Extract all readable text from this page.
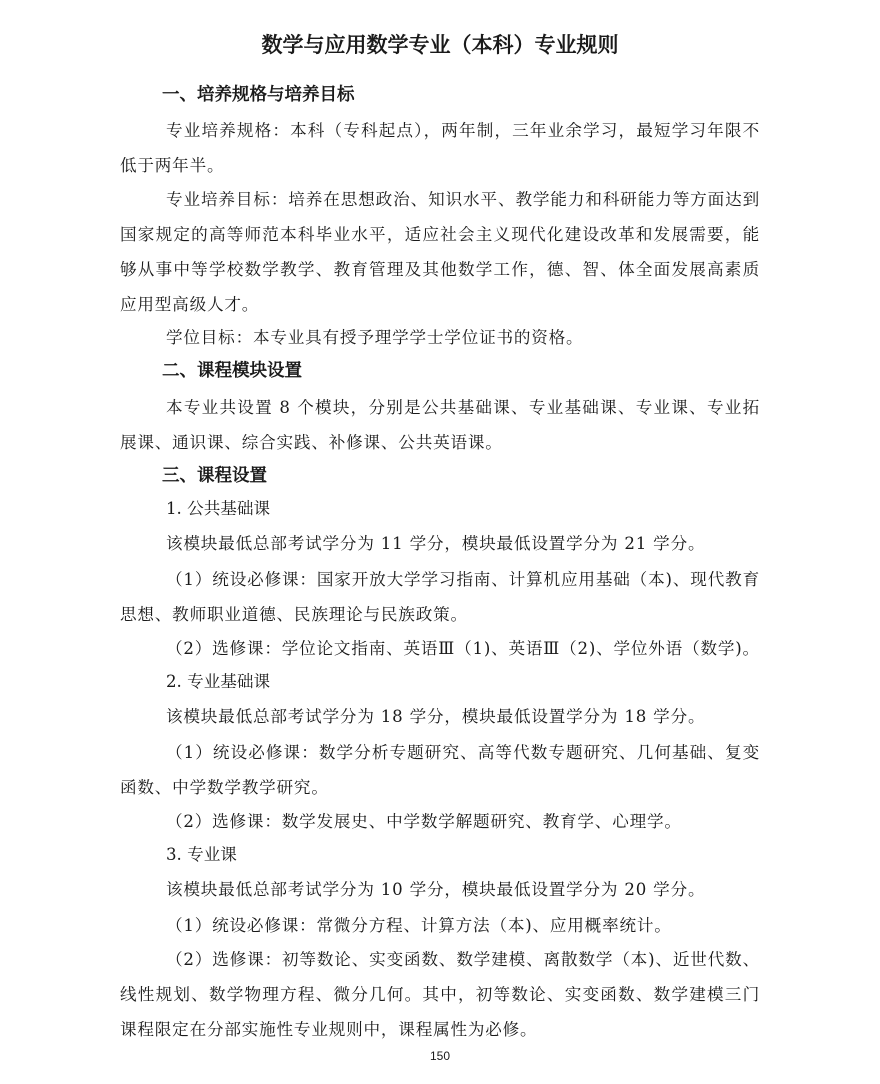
数学与应用数学专业（本科）专业规则
一、培养规格与培养目标
专业培养规格：本科（专科起点），两年制，三年业余学习，最短学习年限不低于两年半。
专业培养目标：培养在思想政治、知识水平、教学能力和科研能力等方面达到国家规定的高等师范本科毕业水平，适应社会主义现代化建设改革和发展需要，能够从事中等学校数学教学、教育管理及其他数学工作，德、智、体全面发展高素质应用型高级人才。
学位目标：本专业具有授予理学学士学位证书的资格。
二、课程模块设置
本专业共设置 8 个模块，分别是公共基础课、专业基础课、专业课、专业拓展课、通识课、综合实践、补修课、公共英语课。
三、课程设置
1. 公共基础课
该模块最低总部考试学分为 11 学分，模块最低设置学分为 21 学分。
（1）统设必修课：国家开放大学学习指南、计算机应用基础（本)、现代教育思想、教师职业道德、民族理论与民族政策。
（2）选修课：学位论文指南、英语Ⅲ（1)、英语Ⅲ（2)、学位外语（数学)。
2. 专业基础课
该模块最低总部考试学分为 18 学分，模块最低设置学分为 18 学分。
（1）统设必修课：数学分析专题研究、高等代数专题研究、几何基础、复变函数、中学数学教学研究。
（2）选修课：数学发展史、中学数学解题研究、教育学、心理学。
3. 专业课
该模块最低总部考试学分为 10 学分，模块最低设置学分为 20 学分。
（1）统设必修课：常微分方程、计算方法（本)、应用概率统计。
（2）选修课：初等数论、实变函数、数学建模、离散数学（本)、近世代数、线性规划、数学物理方程、微分几何。其中，初等数论、实变函数、数学建模三门课程限定在分部实施性专业规则中，课程属性为必修。
150
